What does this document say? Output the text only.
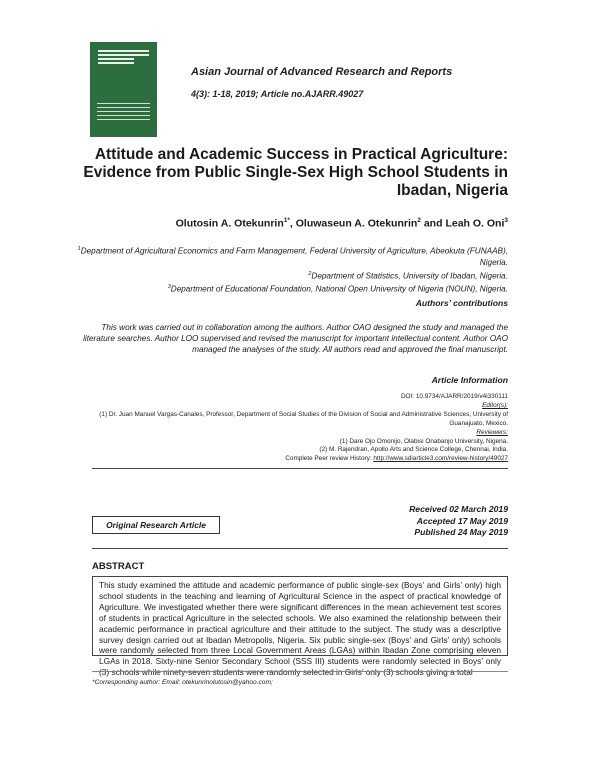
Asian Journal of Advanced Research and Reports
4(3): 1-18, 2019; Article no.AJARR.49027
Attitude and Academic Success in Practical Agriculture: Evidence from Public Single-Sex High School Students in Ibadan, Nigeria
Olutosin A. Otekunrin$^{1*}$, Oluwaseun A. Otekunrin$^2$ and Leah O. Oni$^3$
$^1$Department of Agricultural Economics and Farm Management, Federal University of Agriculture, Abeokuta (FUNAAB), Nigeria.
$^2$Department of Statistics, University of Ibadan, Nigeria.
$^3$Department of Educational Foundation, National Open University of Nigeria (NOUN), Nigeria.
Authors’ contributions
This work was carried out in collaboration among the authors. Author OAO designed the study and managed the literature searches. Author LOO supervised and revised the manuscript for important intellectual content. Author OAO managed the analyses of the study. All authors read and approved the final manuscript.
Article Information
DOI: 10.9734/AJARR/2019/v4i330111
Editor(s):
(1) Dr. Juan Manuel Vargas-Canales, Professor, Department of Social Studies of the Division of Social and Administrative Sciences, University of Guanajuato, Mexico.
Reviewers:
(1) Dare Ojo Omonijo, Olabisi Onabanjo University, Nigeria.
(2) M. Rajendran, Apollo Arts and Science College, Chennai, India.
Complete Peer review History: http://www.sdiarticle3.com/review-history/49027
Received 02 March 2019
Accepted 17 May 2019
Published 24 May 2019
Original Research Article
ABSTRACT
This study examined the attitude and academic performance of public single-sex (Boys’ and Girls’ only) high school students in the teaching and learning of Agricultural Science in the aspect of practical knowledge of Agriculture. We investigated whether there were significant differences in the mean achievement test scores of students in practical Agriculture in the selected schools. We also examined the relationship between their academic performance in practical agriculture and their attitude to the subject. The study was a descriptive survey design carried out at Ibadan Metropolis, Nigeria. Six public single-sex (Boys’ and Girls’ only) schools were randomly selected from three Local Government Areas (LGAs) within Ibadan Zone comprising eleven LGAs in 2018. Sixty-nine Senior Secondary School (SSS III) students were randomly selected in Boys’ only (3) schools while ninety-seven students were randomly selected in Girls’ only (3) schools giving a total
*Corresponding author: Email: otekunrinolutosin@yahoo.com;
